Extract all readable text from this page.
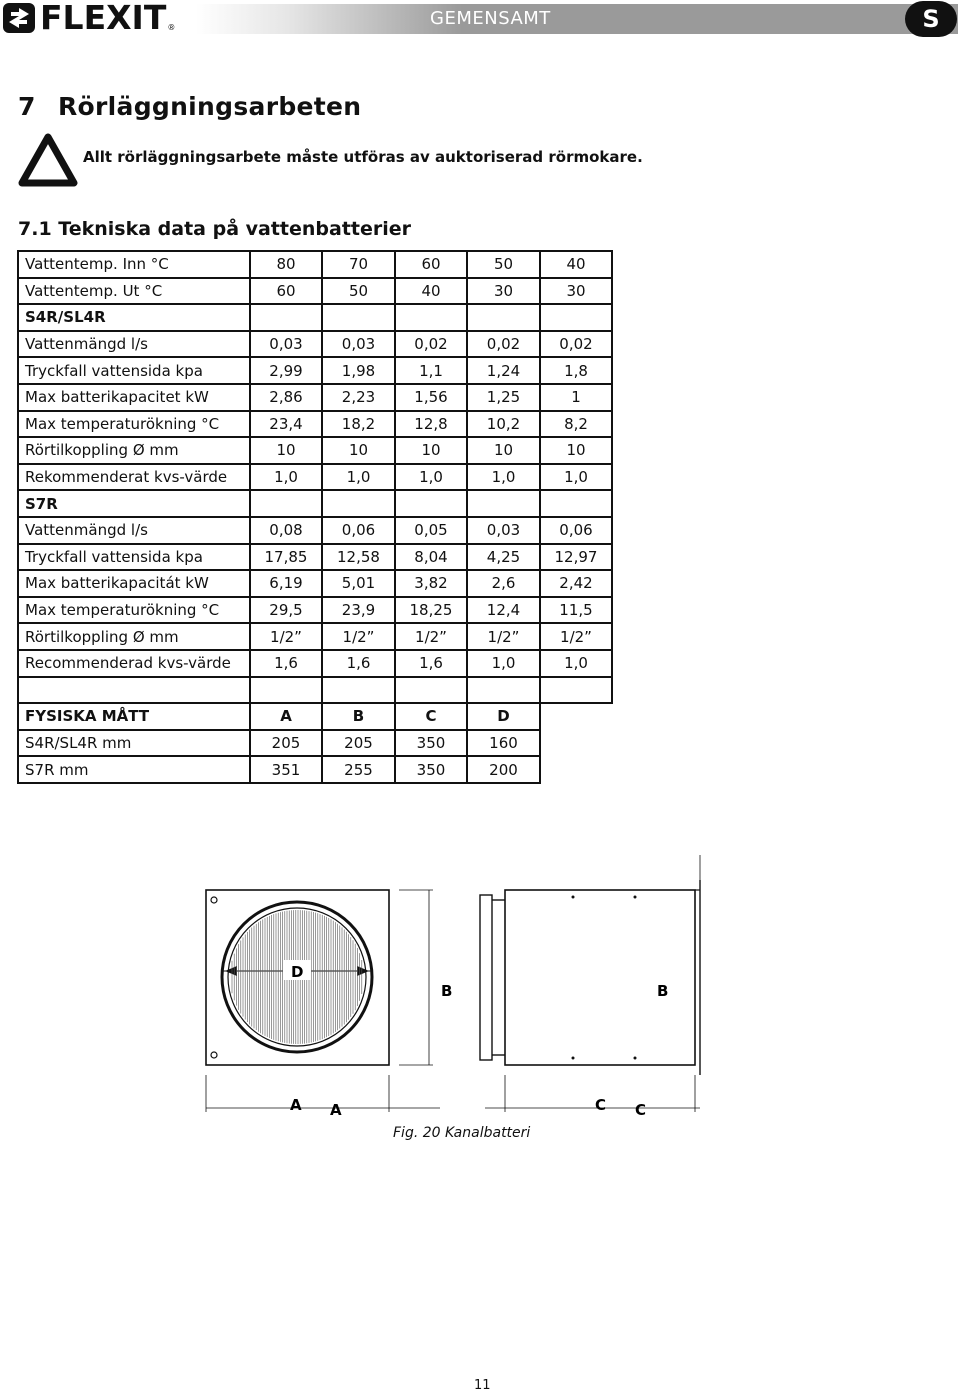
FLEXIT ®	GEMENSAMT	S
7 Rörläggningsarbeten
Allt rörläggningsarbete måste utföras av auktoriserad rörmokare.
7.1 Tekniska data på vattenbatterier
Vattentemp. Inn °C	80	70	60	50	40
Vattentemp. Ut °C	60	50	40	30	30
S4R/SL4R					
Vattenmängd l/s	0,03	0,03	0,02	0,02	0,02
Tryckfall vattensida kpa	2,99	1,98	1,1	1,24	1,8
Max batterikapacitet kW	2,86	2,23	1,56	1,25	1
Max temperaturökning °C	23,4	18,2	12,8	10,2	8,2
Rörtilkoppling Ø mm	10	10	10	10	10
Rekommenderat kvs-värde	1,0	1,0	1,0	1,0	1,0
S7R					
Vattenmängd l/s	0,08	0,06	0,05	0,03	0,06
Tryckfall vattensida kpa	17,85	12,58	8,04	4,25	12,97
Max batterikapacitát kW	6,19	5,01	3,82	2,6	2,42
Max temperaturökning °C	29,5	23,9	18,25	12,4	11,5
Rörtilkoppling Ø mm	1/2”	1/2”	1/2”	1/2”	1/2”
Recommenderad kvs-värde	1,6	1,6	1,6	1,0	1,0

FYSISKA MÅTT	A	B	C	D	
S4R/SL4R mm	205	205	350	160	
S7R mm	351	255	350	200	
D
B	B
A A	C C
Fig. 20 Kanalbatteri
11
